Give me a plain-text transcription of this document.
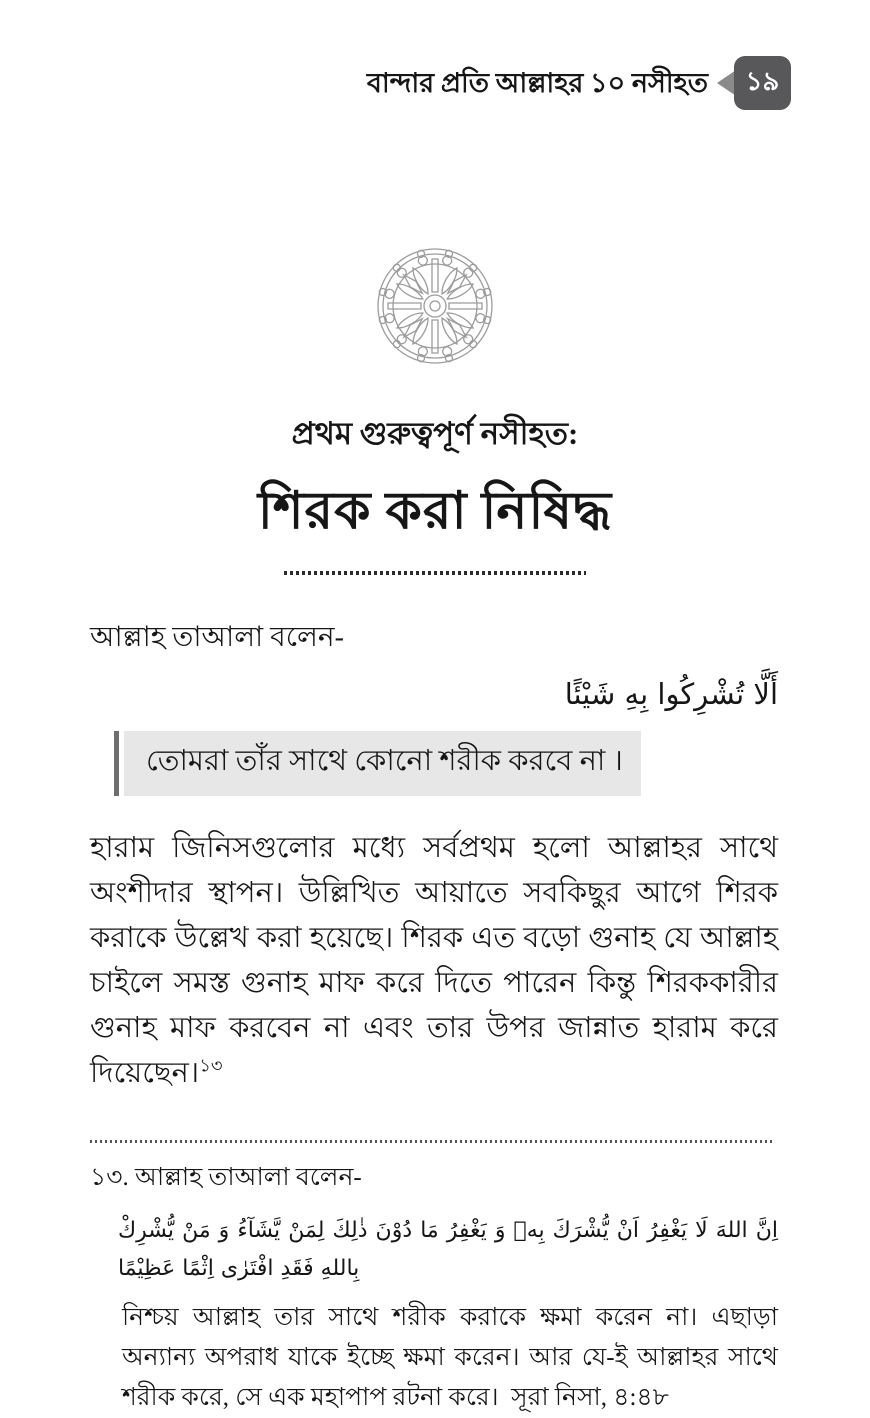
বান্দার প্রতি আল্লাহর ১০ নসীহত	১৯
প্রথম গুরুত্বপূর্ণ নসীহত:
শিরক করা নিষিদ্ধ

আল্লাহ তাআলা বলেন-

أَلَّا تُشْرِكُوا بِهِ شَيْئًا

তোমরা তাঁর সাথে কোনো শরীক করবে না ।

হারাম জিনিসগুলোর মধ্যে সর্বপ্রথম হলো আল্লাহর সাথে অংশীদার স্থাপন। উল্লিখিত আয়াতে সবকিছুর আগে শিরক করাকে উল্লেখ করা হয়েছে। শিরক এত বড়ো গুনাহ যে আল্লাহ চাইলে সমস্ত গুনাহ মাফ করে দিতে পারেন কিন্তু শিরককারীর গুনাহ মাফ করবেন না এবং তার উপর জান্নাত হারাম করে দিয়েছেন।$^{১৩}$

১৩. আল্লাহ তাআলা বলেন-

اِنَّ اللهَ لَا يَغْفِرُ اَنْ يُّشْرَكَ بِهٖ وَ يَغْفِرُ مَا دُوْنَ ذٰلِكَ لِمَنْ يَّشَآءُ وَ مَنْ يُّشْرِكْ بِاللهِ فَقَدِ افْتَرٰى اِثْمًا عَظِيْمًا

নিশ্চয় আল্লাহ তার সাথে শরীক করাকে ক্ষমা করেন না। এছাড়া অন্যান্য অপরাধ যাকে ইচ্ছে ক্ষমা করেন। আর যে-ই আল্লাহর সাথে শরীক করে, সে এক মহাপাপ রটনা করে। সূরা নিসা, ৪:৪৮
